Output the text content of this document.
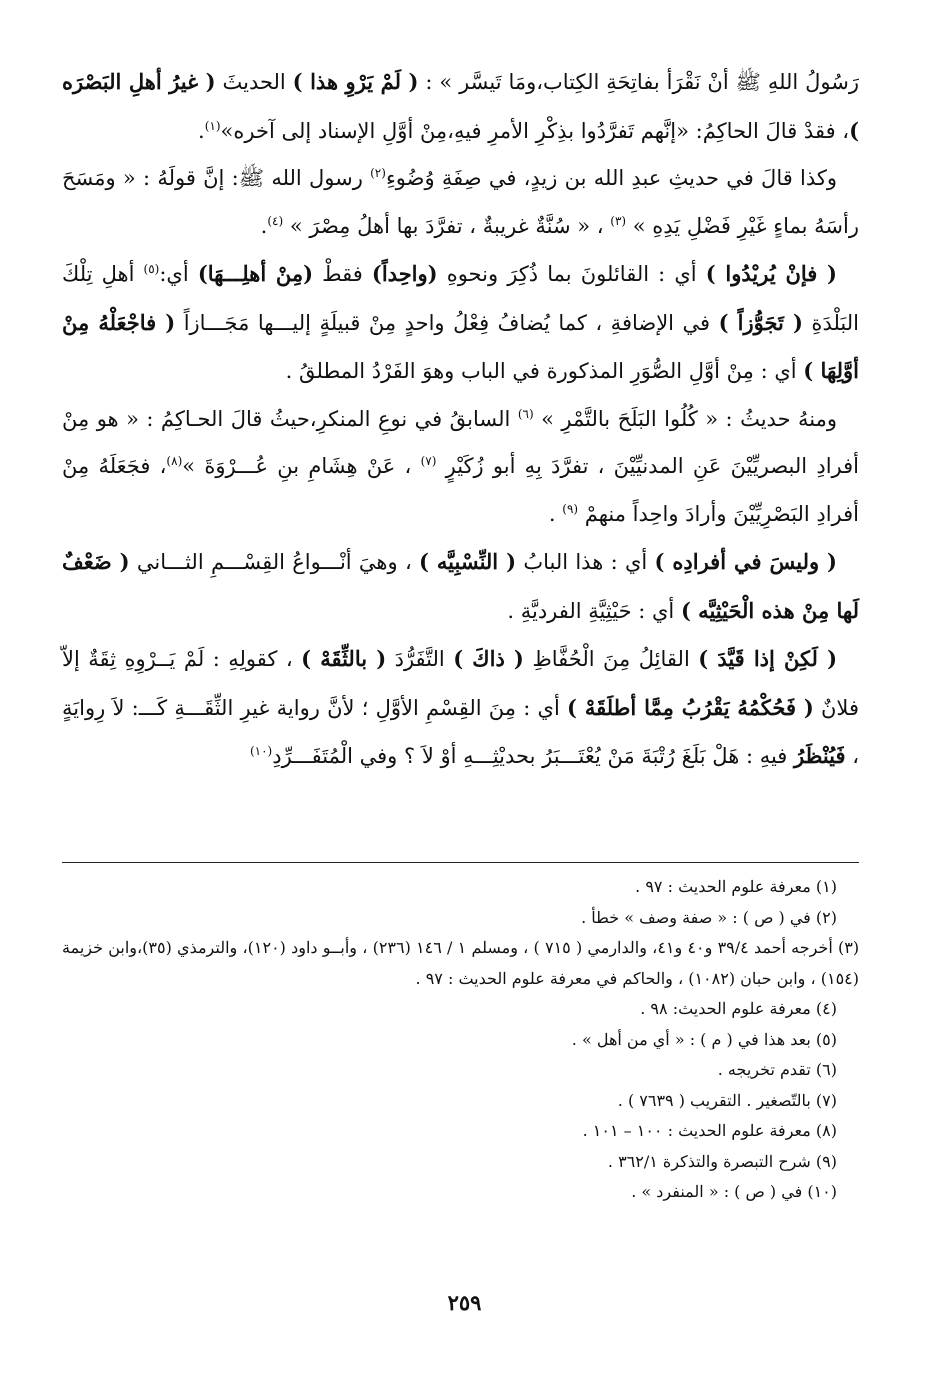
رَسُولُ اللهِ ﷺ أنْ نَقْرَأ بفاتِحَةِ الكِتاب،ومَا تَيسَّر » : ( لَمْ يَرْوِ هذا ) الحديثَ ( غيرُ أهلِ البَصْرَه )، فقدْ قالَ الحاكِمُ: «إنَّهم تَفرَّدُوا بذِكْرِ الأمرِ فيهِ،مِنْ أوَّلِ الإسناد إلى آخره»$^{(١)}$.

وكذا قالَ في حديثِ عبدِ الله بن زيدٍ، في صِفَةِ وُضُوءِ$^{(٢)}$ رسول الله ﷺ: إنَّ قولَهُ : « ومَسَحَ رأسَهُ بماءٍ غَيْرِ فَضْلِ يَدِهِ » $^{(٣)}$ ، « سُنَّةٌ غريبةٌ ، تفرَّدَ بها أهلُ مِصْرَ » $^{(٤)}$.

( فإنْ يُريْدُوا ) أي : القائلونَ بما ذُكِرَ ونحوهِ (واحِداً) فقطْ (مِنْ أهلِـــهَا) أي:$^{(٥)}$ أهلِ تِلْكَ البَلْدَةِ ( تَجَوُّزاً ) في الإضافةِ ، كما يُضافُ فِعْلُ واحدٍ مِنْ قبيلَةٍ إليـــها مَجَـــازاً ( فاجْعَلْهُ مِنْ أوَّلِهَا ) أي : مِنْ أوَّلِ الصُّوَرِ المذكورة في الباب وهوَ الفَرْدُ المطلقُ .

ومنهُ حديثُ : « كُلُوا البَلَحَ بالتَّمْرِ » $^{(٦)}$ السابقُ في نوعِ المنكرِ،حيثُ قالَ الحـاكِمُ : « هو مِنْ أفرادِ البصريِّيْنَ عَنِ المدنيِّيْنَ ، تفرَّدَ بِهِ أبو زُكَيْرٍ $^{(٧)}$ ، عَنْ هِشَامِ بنِ عُـــرْوَةَ »$^{(٨)}$، فجَعَلَهُ مِنْ أفرادِ البَصْرِيِّيْنَ وأرادَ واحِداً منهمْ $^{(٩)}$ .

( وليسَ في أفرادِه ) أي : هذا البابُ ( النِّسْبِيَّه ) ، وهيَ أنْـــواعُ القِسْـــمِ الثـــاني ( ضَعْفٌ لَها مِنْ هذه الْحَيْثِيَّه ) أي : حَيْثِيَّةِ الفرديَّةِ .

( لَكِنْ إذا قَيَّدَ ) القائِلُ مِنَ الْحُفَّاظِ ( ذاكَ ) التَّفَرُّدَ ( بالثِّقَهْ ) ، كقولِهِ : لَمْ يَــرْوِهِ ثِقَةٌ إلاّ فلانٌ ( فَحُكْمُهُ يَقْرُبُ مِمَّا أطلَقَهْ ) أي : مِنَ القِسْمِ الأوَّلِ ؛ لأنَّ رواية غيرِ الثِّقَـــةِ كَـــ: لاَ رِوايَةٍ ، فَيُنْظَرُ فيهِ : هَلْ بَلَغَ رُتْبَةَ مَنْ يُعْتَـــبَرُ بحديْثِـــهِ أوْ لاَ ؟ وفي الْمُتَفَـــرِّدِ$^{(١٠)}$

(١) معرفة علوم الحديث : ٩٧ .
(٢) في ( ص ) : « صفة وصف » خطأ .
(٣) أخرجه أحمد ٣٩/٤ و٤٠ و٤١، والدارمي ( ٧١٥ ) ، ومسلم ١ / ١٤٦ (٢٣٦) ، وأبــو داود (١٢٠)، والترمذي (٣٥)،وابن خزيمة (١٥٤) ، وابن حبان (١٠٨٢) ، والحاكم في معرفة علوم الحديث : ٩٧ .
(٤) معرفة علوم الحديث: ٩٨ .
(٥) بعد هذا في ( م ) : « أي من أهل » .
(٦) تقدم تخريجه .
(٧) بالتّصغير . التقريب ( ٧٦٣٩ ) .
(٨) معرفة علوم الحديث : ١٠٠ – ١٠١ .
(٩) شرح التبصرة والتذكرة ٣٦٢/١ .
(١٠) في ( ص ) : « المنفرد » .
٢٥٩
